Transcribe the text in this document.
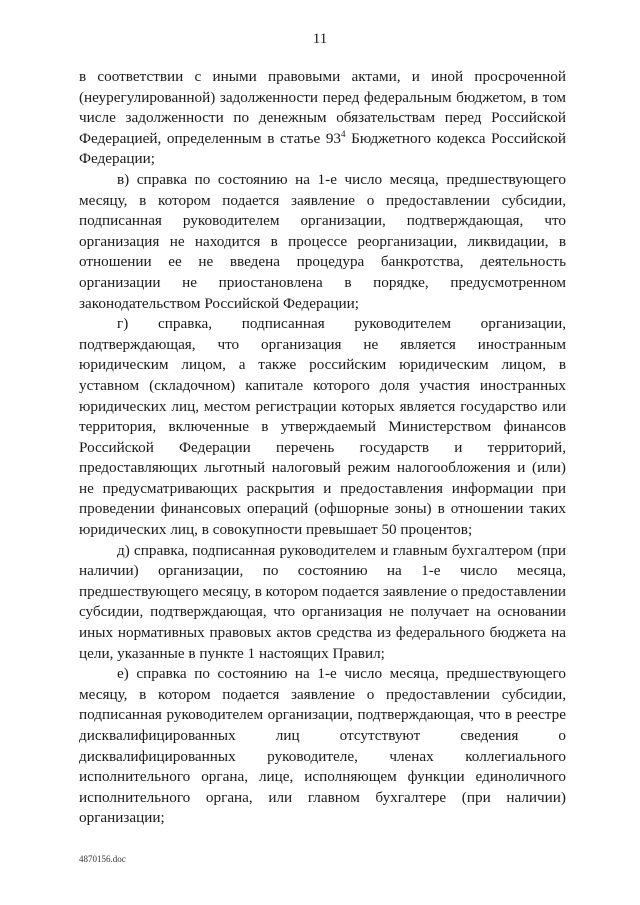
11

в соответствии с иными правовыми актами, и иной просроченной (неурегулированной) задолженности перед федеральным бюджетом, в том числе задолженности по денежным обязательствам перед Российской Федерацией, определенным в статье $93^4$ Бюджетного кодекса Российской Федерации;

в) справка по состоянию на 1-е число месяца, предшествующего месяцу, в котором подается заявление о предоставлении субсидии, подписанная руководителем организации, подтверждающая, что организация не находится в процессе реорганизации, ликвидации, в отношении ее не введена процедура банкротства, деятельность организации не приостановлена в порядке, предусмотренном законодательством Российской Федерации;

г) справка, подписанная руководителем организации, подтверждающая, что организация не является иностранным юридическим лицом, а также российским юридическим лицом, в уставном (складочном) капитале которого доля участия иностранных юридических лиц, местом регистрации которых является государство или территория, включенные в утверждаемый Министерством финансов Российской Федерации перечень государств и территорий, предоставляющих льготный налоговый режим налогообложения и (или) не предусматривающих раскрытия и предоставления информации при проведении финансовых операций (офшорные зоны) в отношении таких юридических лиц, в совокупности превышает 50 процентов;

д) справка, подписанная руководителем и главным бухгалтером (при наличии) организации, по состоянию на 1-е число месяца, предшествующего месяцу, в котором подается заявление о предоставлении субсидии, подтверждающая, что организация не получает на основании иных нормативных правовых актов средства из федерального бюджета на цели, указанные в пункте 1 настоящих Правил;

е) справка по состоянию на 1-е число месяца, предшествующего месяцу, в котором подается заявление о предоставлении субсидии, подписанная руководителем организации, подтверждающая, что в реестре дисквалифицированных лиц отсутствуют сведения о дисквалифицированных руководителе, членах коллегиального исполнительного органа, лице, исполняющем функции единоличного исполнительного органа, или главном бухгалтере (при наличии) организации;

4870156.doc
